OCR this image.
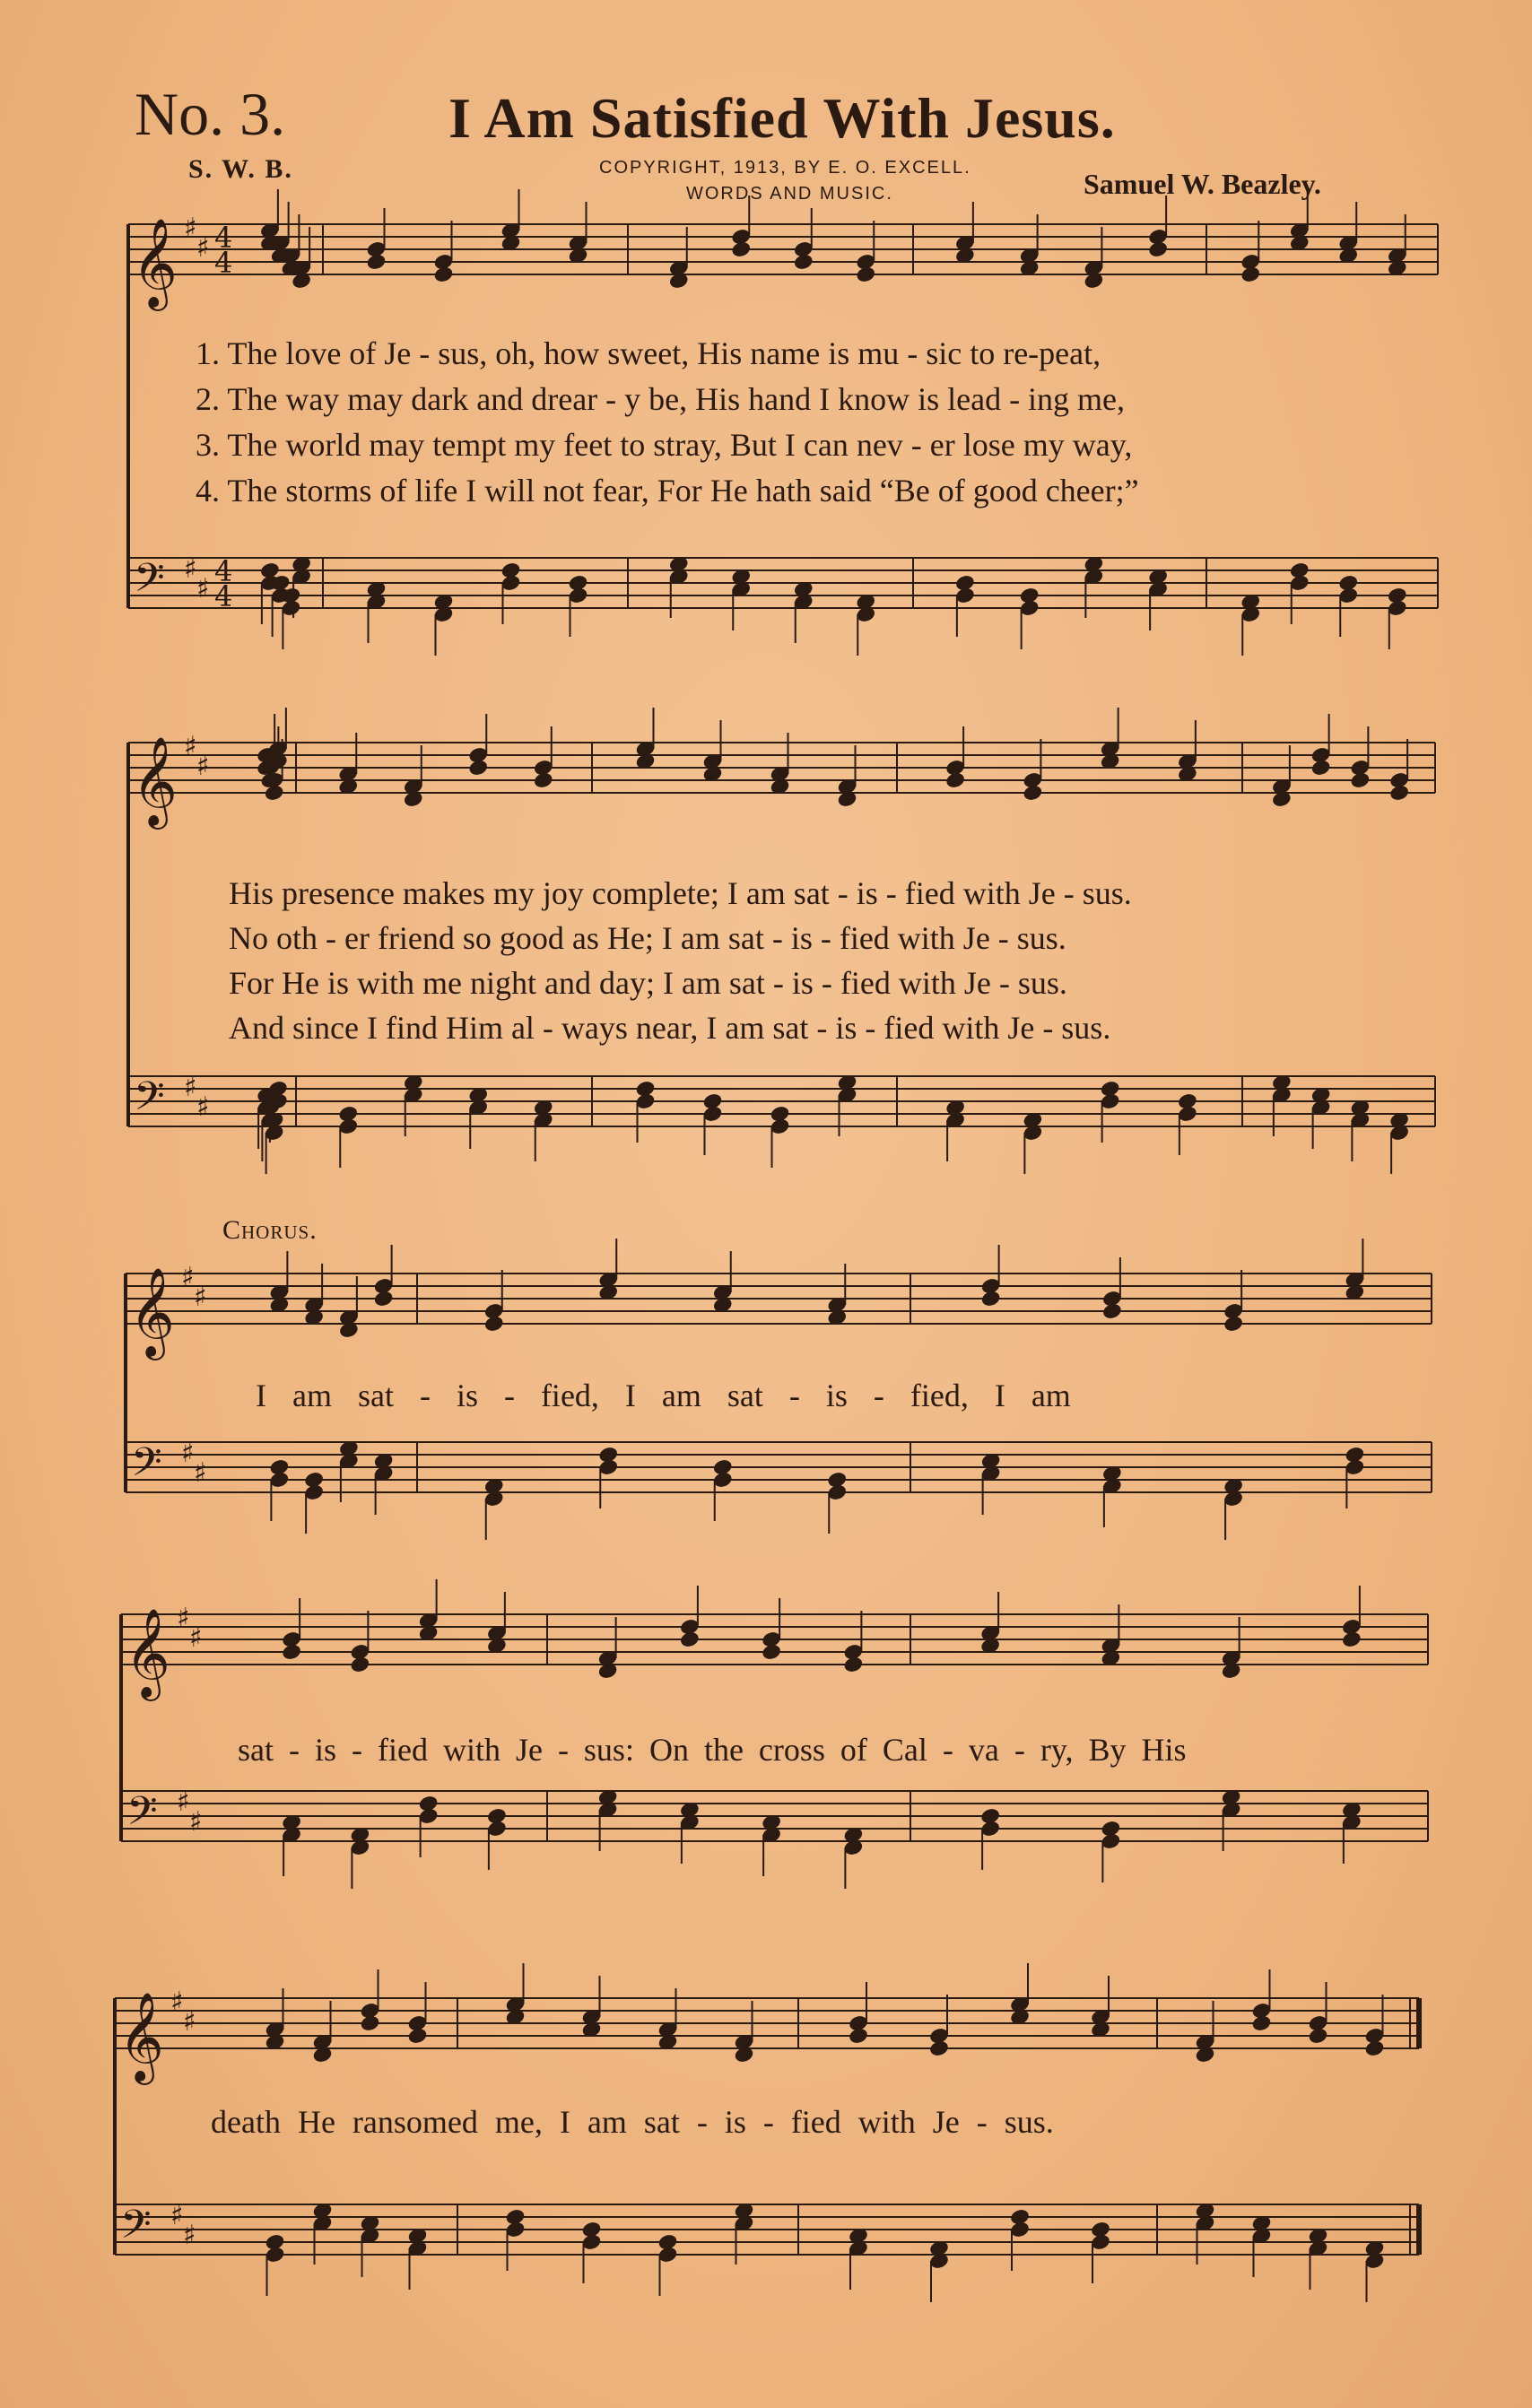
No. 3.	I Am Satisfied With Jesus.
S. W. B.	COPYRIGHT, 1913, BY E. O. EXCELL.
WORDS AND MUSIC.	Samuel W. Beazley.
𝄞 ♯
♯ 4
4
𝄢 ♯
♯
4
4
𝄞 ♯
♯
𝄢 ♯
♯
𝄞 ♯
♯
𝄢 ♯
♯
𝄞 ♯
♯
𝄢 ♯
♯
𝄞 ♯
♯
𝄢 ♯
♯
1. The love of Je - sus, oh, how sweet, His name is mu - sic to re-peat,
2. The way may dark and drear - y be, His hand I know is lead - ing me,
3. The world may tempt my feet to stray, But I can nev - er lose my way,
4. The storms of life I will not fear, For He hath said “Be of good cheer;”
His presence makes my joy complete; I am sat - is - fied with Je - sus.
No oth - er friend so good as He; I am sat - is - fied with Je - sus.
For He is with me night and day; I am sat - is - fied with Je - sus.
And since I find Him al - ways near, I am sat - is - fied with Je - sus.
Chorus.
I am sat - is - fied, I am sat - is - fied, I am
sat - is - fied with Je - sus: On the cross of Cal - va - ry, By His
death He ransomed me, I am sat - is - fied with Je - sus.
